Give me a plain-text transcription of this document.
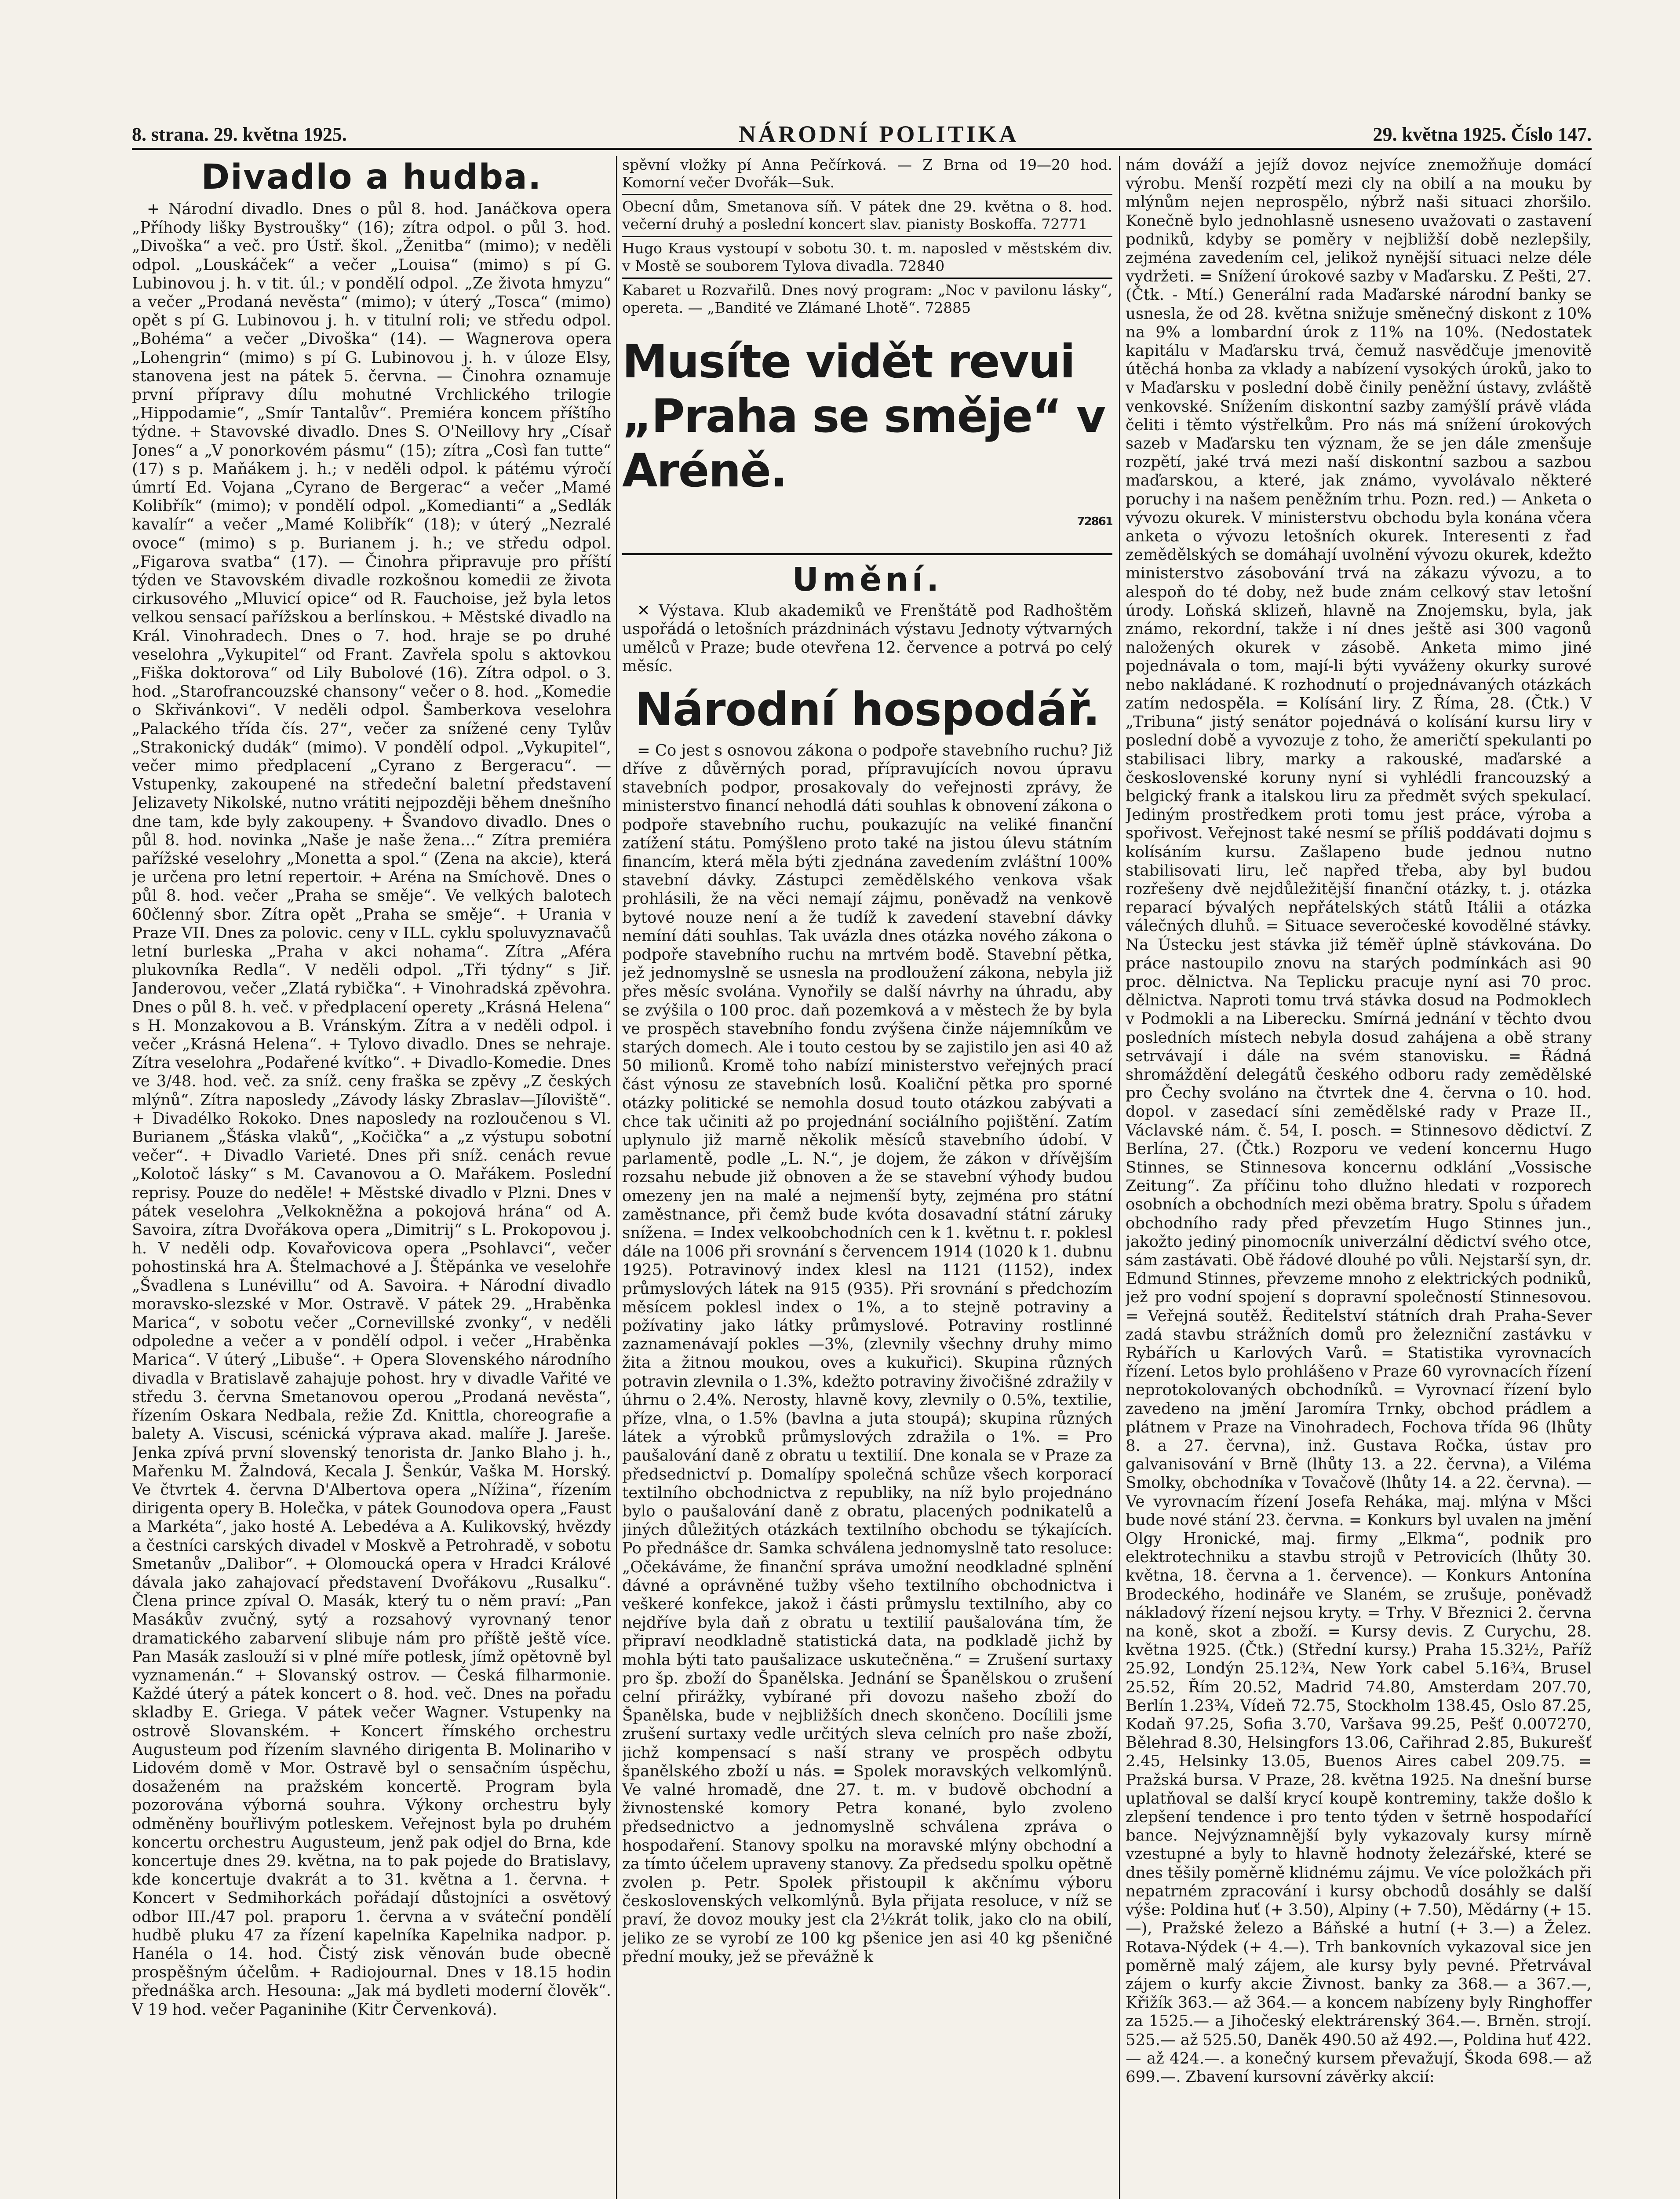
8. strana. 29. května 1925.	NÁRODNÍ POLITIKA	29. května 1925. Číslo 147.
Divadlo a hudba.

+ Národní divadlo. Dnes o půl 8. hod. Janáčkova opera „Příhody lišky Bystroušky“ (16); zítra odpol. o půl 3. hod. „Divoška“ a več. pro Ústř. škol. „Ženitba“ (mimo); v neděli odpol. „Louskáček“ a večer „Louisa“ (mimo) s pí G. Lubinovou j. h. v tit. úl.; v pondělí odpol. „Ze života hmyzu“ a večer „Prodaná nevěsta“ (mimo); v úterý „Tosca“ (mimo) opět s pí G. Lubinovou j. h. v titulní roli; ve středu odpol. „Bohéma“ a večer „Divoška“ (14). — Wagnerova opera „Lohengrin“ (mimo) s pí G. Lubinovou j. h. v úloze Elsy, stanovena jest na pátek 5. června. — Činohra oznamuje první přípravy dílu mohutné Vrchlického trilogie „Hippodamie“, „Smír Tantalův“. Premiéra koncem příštího týdne. + Stavovské divadlo. Dnes S. O'Neillovy hry „Císař Jones“ a „V ponorkovém pásmu“ (15); zítra „Così fan tutte“ (17) s p. Maňákem j. h.; v neděli odpol. k pátému výročí úmrtí Ed. Vojana „Cyrano de Bergerac“ a večer „Mamé Kolibřík“ (mimo); v pondělí odpol. „Komedianti“ a „Sedlák kavalír“ a večer „Mamé Kolibřík“ (18); v úterý „Nezralé ovoce“ (mimo) s p. Burianem j. h.; ve středu odpol. „Figarova svatba“ (17). — Činohra připravuje pro příští týden ve Stavovském divadle rozkošnou komedii ze života cirkusového „Mluvicí opice“ od R. Fauchoise, jež byla letos velkou sensací pařížskou a berlínskou. + Městské divadlo na Král. Vinohradech. Dnes o 7. hod. hraje se po druhé veselohra „Vykupitel“ od Frant. Zavřela spolu s aktovkou „Fiška doktorova“ od Lily Bubolové (16). Zítra odpol. o 3. hod. „Starofrancouzské chansony“ večer o 8. hod. „Komedie o Skřivánkovi“. V neděli odpol. Šamberkova veselohra „Palackého třída čís. 27“, večer za snížené ceny Tylův „Strakonický dudák“ (mimo). V pondělí odpol. „Vykupitel“, večer mimo předplacení „Cyrano z Bergeracu“. — Vstupenky, zakoupené na středeční baletní představení Jelizavety Nikolské, nutno vrátiti nejpozději během dnešního dne tam, kde byly zakoupeny. + Švandovo divadlo. Dnes o půl 8. hod. novinka „Naše je naše žena…“ Zítra premiéra pařížské veselohry „Monetta a spol.“ (Zena na akcie), která je určena pro letní repertoir. + Aréna na Smíchově. Dnes o půl 8. hod. večer „Praha se směje“. Ve velkých balotech 60členný sbor. Zítra opět „Praha se směje“. + Urania v Praze VII. Dnes za polovic. ceny v ILL. cyklu spoluvyznavačů letní burleska „Praha v akci nohama“. Zítra „Aféra plukovníka Redla“. V neděli odpol. „Tři týdny“ s Jiř. Janderovou, večer „Zlatá rybička“. + Vinohradská zpěvohra. Dnes o půl 8. h. več. v předplacení operety „Krásná Helena“ s H. Monzakovou a B. Vránským. Zítra a v neděli odpol. i večer „Krásná Helena“. + Tylovo divadlo. Dnes se nehraje. Zítra veselohra „Podařené kvítko“. + Divadlo-Komedie. Dnes ve 3/48. hod. več. za sníž. ceny fraška se zpěvy „Z českých mlýnů“. Zítra naposledy „Závody lásky Zbraslav—Jíloviště“. + Divadélko Rokoko. Dnes naposledy na rozloučenou s Vl. Burianem „Šťáska vlaků“, „Kočička“ a „z výstupu sobotní večer“. + Divadlo Varieté. Dnes při sníž. cenách revue „Kolotoč lásky“ s M. Cavanovou a O. Mařákem. Poslední reprisy. Pouze do neděle! + Městské divadlo v Plzni. Dnes v pátek veselohra „Velkokněžna a pokojová hrána“ od A. Savoira, zítra Dvořákova opera „Dimitrij“ s L. Prokopovou j. h. V neděli odp. Kovařovicova opera „Psohlavci“, večer pohostinská hra A. Štelmachové a J. Štěpánka ve veselohře „Švadlena s Lunévillu“ od A. Savoira. + Národní divadlo moravsko-slezské v Mor. Ostravě. V pátek 29. „Hraběnka Marica“, v sobotu večer „Cornevillské zvonky“, v neděli odpoledne a večer a v pondělí odpol. i večer „Hraběnka Marica“. V úterý „Libuše“. + Opera Slovenského národního divadla v Bratislavě zahajuje pohost. hry v divadle Vařité ve středu 3. června Smetanovou operou „Prodaná nevěsta“, řízením Oskara Nedbala, režie Zd. Knittla, choreografie a balety A. Viscusi, scénická výprava akad. malíře J. Jareše. Jenka zpívá první slovenský tenorista dr. Janko Blaho j. h., Mařenku M. Žalndová, Kecala J. Šenkúr, Vaška M. Horský. Ve čtvrtek 4. června D'Albertova opera „Nížina“, řízením dirigenta opery B. Holečka, v pátek Gounodova opera „Faust a Markéta“, jako hosté A. Lebedéva a A. Kulikovský, hvězdy a čestníci carských divadel v Moskvě a Petrohradě, v sobotu Smetanův „Dalibor“. + Olomoucká opera v Hradci Králové dávala jako zahajovací představení Dvořákovu „Rusalku“. Člena prince zpíval O. Masák, který tu o něm praví: „Pan Masákův zvučný, sytý a rozsahový vyrovnaný tenor dramatického zabarvení slibuje nám pro příště ještě více. Pan Masák zaslouží si v plné míře potlesk, jímž opětovně byl vyznamenán.“ + Slovanský ostrov. — Česká filharmonie. Každé úterý a pátek koncert o 8. hod. več. Dnes na pořadu skladby E. Griega. V pátek večer Wagner. Vstupenky na ostrově Slovanském. + Koncert římského orchestru Augusteum pod řízením slavného dirigenta B. Molinariho v Lidovém domě v Mor. Ostravě byl o sensačním úspěchu, dosaženém na pražském koncertě. Program byla pozorována výborná souhra. Výkony orchestru byly odměněny bouřlivým potleskem. Veřejnost byla po druhém koncertu orchestru Augusteum, jenž pak odjel do Brna, kde koncertuje dnes 29. května, na to pak pojede do Bratislavy, kde koncertuje dvakrát a to 31. května a 1. června. + Koncert v Sedmihorkách pořádají důstojníci a osvětový odbor III./47 pol. praporu 1. června a v sváteční pondělí hudbě pluku 47 za řízení kapelníka Kapelnika nadpor. p. Hanéla o 14. hod. Čistý zisk věnován bude obecně prospěšným účelům. + Radiojournal. Dnes v 18.15 hodin přednáška arch. Hesouna: „Jak má bydleti moderní člověk“. V 19 hod. večer Paganinihe (Kitr Červenková).

spěvní vložky pí Anna Pečírková. — Z Brna od 19—20 hod. Komorní večer Dvořák—Suk.

Obecní dům, Smetanova síň. V pátek dne 29. května o 8. hod. večerní druhý a poslední koncert slav. pianisty Boskoffa. 72771

Hugo Kraus vystoupí v sobotu 30. t. m. naposled v městském div. v Mostě se souborem Tylova divadla. 72840

Kabaret u Rozvařilů. Dnes nový program: „Noc v pavilonu lásky“, opereta. — „Bandité ve Zlámané Lhotě“. 72885

Musíte vidět revui „Praha se směje“ v Aréně.
72861
Umění.

✕ Výstava. Klub akademiků ve Frenštátě pod Radhoštěm uspořádá o letošních prázdninách výstavu Jednoty výtvarných umělců v Praze; bude otevřena 12. července a potrvá po celý měsíc.

Národní hospodář.

= Co jest s osnovou zákona o podpoře stavebního ruchu? Již dříve z důvěrných porad, přípravujících novou úpravu stavebních podpor, prosakovaly do veřejnosti zprávy, že ministerstvo financí nehodlá dáti souhlas k obnovení zákona o podpoře stavebního ruchu, poukazujíc na veliké finanční zatížení státu. Pomýšleno proto také na jistou úlevu státním financím, která měla býti zjednána zavedením zvláštní 100% stavební dávky. Zástupci zemědělského venkova však prohlásili, že na věci nemají zájmu, poněvadž na venkově bytové nouze není a že tudíž k zavedení stavební dávky nemíní dáti souhlas. Tak uvázla dnes otázka nového zákona o podpoře stavebního ruchu na mrtvém bodě. Stavební pětka, jež jednomyslně se usnesla na prodloužení zákona, nebyla již přes měsíc svolána. Vynořily se další návrhy na úhradu, aby se zvýšila o 100 proc. daň pozemková a v městech že by byla ve prospěch stavebního fondu zvýšena činže nájemníkům ve starých domech. Ale i touto cestou by se zajistilo jen asi 40 až 50 milionů. Kromě toho nabízí ministerstvo veřejných prací část výnosu ze stavebních losů. Koaliční pětka pro sporné otázky politické se nemohla dosud touto otázkou zabývati a chce tak učiniti až po projednání sociálního pojištění. Zatím uplynulo již marně několik měsíců stavebního údobí. V parlamentě, podle „L. N.“, je dojem, že zákon v dřívějším rozsahu nebude již obnoven a že se stavební výhody budou omezeny jen na malé a nejmenší byty, zejména pro státní zaměstnance, při čemž bude kvóta dosavadní státní záruky snížena. = Index velkoobchodních cen k 1. květnu t. r. poklesl dále na 1006 při srovnání s červencem 1914 (1020 k 1. dubnu 1925). Potravinový index klesl na 1121 (1152), index průmyslových látek na 915 (935). Při srovnání s předchozím měsícem poklesl index o 1%, a to stejně potraviny a požívatiny jako látky průmyslové. Potraviny rostlinné zaznamenávají pokles —3%, (zlevnily všechny druhy mimo žita a žitnou moukou, oves a kukuřici). Skupina různých potravin zlevnila o 1.3%, kdežto potraviny živočišné zdražily v úhrnu o 2.4%. Nerosty, hlavně kovy, zlevnily o 0.5%, textilie, příze, vlna, o 1.5% (bavlna a juta stoupá); skupina různých látek a výrobků průmyslových zdražila o 1%. = Pro paušalování daně z obratu u textilií. Dne konala se v Praze za předsednictví p. Domalípy společná schůze všech korporací textilního obchodnictva z republiky, na níž bylo projednáno bylo o paušalování daně z obratu, placených podnikatelů a jiných důležitých otázkách textilního obchodu se týkajících. Po přednášce dr. Samka schválena jednomyslně tato resoluce: „Očekáváme, že finanční správa umožní neodkladné splnění dávné a oprávněné tužby všeho textilního obchodnictva i veškeré konfekce, jakož i části průmyslu textilního, aby co nejdříve byla daň z obratu u textilií paušalována tím, že připraví neodkladně statistická data, na podkladě jichž by mohla býti tato paušalizace uskutečněna.“ = Zrušení surtaxy pro šp. zboží do Španělska. Jednání se Španělskou o zrušení celní přirážky, vybírané při dovozu našeho zboží do Španělska, bude v nejbližších dnech skončeno. Docílili jsme zrušení surtaxy vedle určitých sleva celních pro naše zboží, jichž kompensací s naší strany ve prospěch odbytu španělského zboží u nás. = Spolek moravských velkomlýnů. Ve valné hromadě, dne 27. t. m. v budově obchodní a živnostenské komory Petra konané, bylo zvoleno předsednictvo a jednomyslně schválena zpráva o hospodaření. Stanovy spolku na moravské mlýny obchodní a za tímto účelem upraveny stanovy. Za předsedu spolku opětně zvolen p. Petr. Spolek přistoupil k akčnímu výboru československých velkomlýnů. Byla přijata resoluce, v níž se praví, že dovoz mouky jest cla 2½krát tolik, jako clo na obilí, jeliko ze se vyrobí ze 100 kg pšenice jen asi 40 kg pšeničné přední mouky, jež se převážně k

nám dováží a jejíž dovoz nejvíce znemožňuje domácí výrobu. Menší rozpětí mezi cly na obilí a na mouku by mlýnům nejen neprospělo, nýbrž naši situaci zhoršilo. Konečně bylo jednohlasně usneseno uvažovati o zastavení podniků, kdyby se poměry v nejbližší době nezlepšily, zejména zavedením cel, jelikož nynější situaci nelze déle vydržeti. = Snížení úrokové sazby v Maďarsku. Z Pešti, 27. (Čtk. - Mtí.) Generální rada Maďarské národní banky se usnesla, že od 28. května snižuje směnečný diskont z 10% na 9% a lombardní úrok z 11% na 10%. (Nedostatek kapitálu v Maďarsku trvá, čemuž nasvědčuje jmenovitě útěchá honba za vklady a nabízení vysokých úroků, jako to v Maďarsku v poslední době činily peněžní ústavy, zvláště venkovské. Snížením diskontní sazby zamýšlí právě vláda čeliti i těmto výstřelkům. Pro nás má snížení úrokových sazeb v Maďarsku ten význam, že se jen dále zmenšuje rozpětí, jaké trvá mezi naší diskontní sazbou a sazbou maďarskou, a které, jak známo, vyvolávalo některé poruchy i na našem peněžním trhu. Pozn. red.) — Anketa o vývozu okurek. V ministerstvu obchodu byla konána včera anketa o vývozu letošních okurek. Interesenti z řad zemědělských se domáhají uvolnění vývozu okurek, kdežto ministerstvo zásobování trvá na zákazu vývozu, a to alespoň do té doby, než bude znám celkový stav letošní úrody. Loňská sklizeň, hlavně na Znojemsku, byla, jak známo, rekordní, takže i ní dnes ještě asi 300 vagonů naložených okurek v zásobě. Anketa mimo jiné pojednávala o tom, mají-li býti vyváženy okurky surové nebo nakládané. K rozhodnutí o projednávaných otázkách zatím nedospěla. = Kolísání liry. Z Říma, 28. (Čtk.) V „Tribuna“ jistý senátor pojednává o kolísání kursu liry v poslední době a vyvozuje z toho, že američtí spekulanti po stabilisaci libry, marky a rakouské, maďarské a československé koruny nyní si vyhlédli francouzský a belgický frank a italskou liru za předmět svých spekulací. Jediným prostředkem proti tomu jest práce, výroba a spořivost. Veřejnost také nesmí se příliš poddávati dojmu s kolísáním kursu. Zašlapeno bude jednou nutno stabilisovati liru, leč napřed třeba, aby byl budou rozřešeny dvě nejdůležitější finanční otázky, t. j. otázka reparací bývalých nepřátelských států Itálii a otázka válečných dluhů. = Situace severočeské kovodělné stávky. Na Ústecku jest stávka již téměř úplně stávkována. Do práce nastoupilo znovu na starých podmínkách asi 90 proc. dělnictva. Na Teplicku pracuje nyní asi 70 proc. dělnictva. Naproti tomu trvá stávka dosud na Podmoklech v Podmokli a na Liberecku. Smírná jednání v těchto dvou posledních místech nebyla dosud zahájena a obě strany setrvávají i dále na svém stanovisku. = Řádná shromáždění delegátů českého odboru rady zemědělské pro Čechy svoláno na čtvrtek dne 4. června o 10. hod. dopol. v zasedací síni zemědělské rady v Praze II., Václavské nám. č. 54, I. posch. = Stinnesovo dědictví. Z Berlína, 27. (Čtk.) Rozporu ve vedení koncernu Hugo Stinnes, se Stinnesova koncernu odklání „Vossische Zeitung“. Za příčinu toho dlužno hledati v rozporech osobních a obchodních mezi oběma bratry. Spolu s úřadem obchodního rady před převzetím Hugo Stinnes jun., jakožto jediný pinomocník univerzální dědictví svého otce, sám zastávati. Obě řádové dlouhé po vůli. Nejstarší syn, dr. Edmund Stinnes, převzeme mnoho z elektrických podniků, jež pro vodní spojení s dopravní společností Stinnesovou. = Veřejná soutěž. Ředitelství státních drah Praha-Sever zadá stavbu strážních domů pro železniční zastávku v Rybářích u Karlových Varů. = Statistika vyrovnacích řízení. Letos bylo prohlášeno v Praze 60 vyrovnacích řízení neprotokolovaných obchodníků. = Vyrovnací řízení bylo zavedeno na jmění Jaromíra Trnky, obchod prádlem a plátnem v Praze na Vinohradech, Fochova třída 96 (lhůty 8. a 27. června), inž. Gustava Ročka, ústav pro galvanisování v Brně (lhůty 13. a 22. června), a Viléma Smolky, obchodníka v Tovačově (lhůty 14. a 22. června). — Ve vyrovnacím řízení Josefa Reháka, maj. mlýna v Mšci bude nové stání 23. června. = Konkurs byl uvalen na jmění Olgy Hronické, maj. firmy „Elkma“, podnik pro elektrotechniku a stavbu strojů v Petrovicích (lhůty 30. května, 18. června a 1. července). — Konkurs Antonína Brodeckého, hodináře ve Slaném, se zrušuje, poněvadž nákladový řízení nejsou kryty. = Trhy. V Březnici 2. června na koně, skot a zboží. = Kursy devis. Z Curychu, 28. května 1925. (Čtk.) (Střední kursy.) Praha 15.32½, Paříž 25.92, Londýn 25.12¾, New York cabel 5.16¾, Brusel 25.52, Řím 20.52, Madrid 74.80, Amsterdam 207.70, Berlín 1.23¾, Vídeň 72.75, Stockholm 138.45, Oslo 87.25, Kodaň 97.25, Sofia 3.70, Varšava 99.25, Pešť 0.007270, Bělehrad 8.30, Helsingfors 13.06, Cařihrad 2.85, Bukurešť 2.45, Helsinky 13.05, Buenos Aires cabel 209.75. = Pražská bursa. V Praze, 28. května 1925. Na dnešní burse uplatňoval se další krycí koupě kontreminy, takže došlo k zlepšení tendence i pro tento týden v šetrně hospodařící bance. Nejvýznamnější byly vykazovaly kursy mírně vzestupné a byly to hlavně hodnoty železářské, které se dnes těšily poměrně klidnému zájmu. Ve více položkách při nepatrném zpracování i kursy obchodů dosáhly se další výše: Poldina huť (+ 3.50), Alpiny (+ 7.50), Mědárny (+ 15.—), Pražské železo a Báňské a hutní (+ 3.—) a Želez. Rotava-Nýdek (+ 4.—). Trh bankovních vykazoval sice jen poměrně malý zájem, ale kursy byly pevné. Přetrvával zájem o kurfy akcie Živnost. banky za 368.— a 367.—, Křižík 363.— až 364.— a koncem nabízeny byly Ringhoffer za 1525.— a Jihočeský elektrárenský 364.—. Brněn. strojí. 525.— až 525.50, Daněk 490.50 až 492.—, Poldina huť 422.— až 424.—. a konečný kursem převažují, Škoda 698.— až 699.—. Zbavení kursovní závěrky akcií:
